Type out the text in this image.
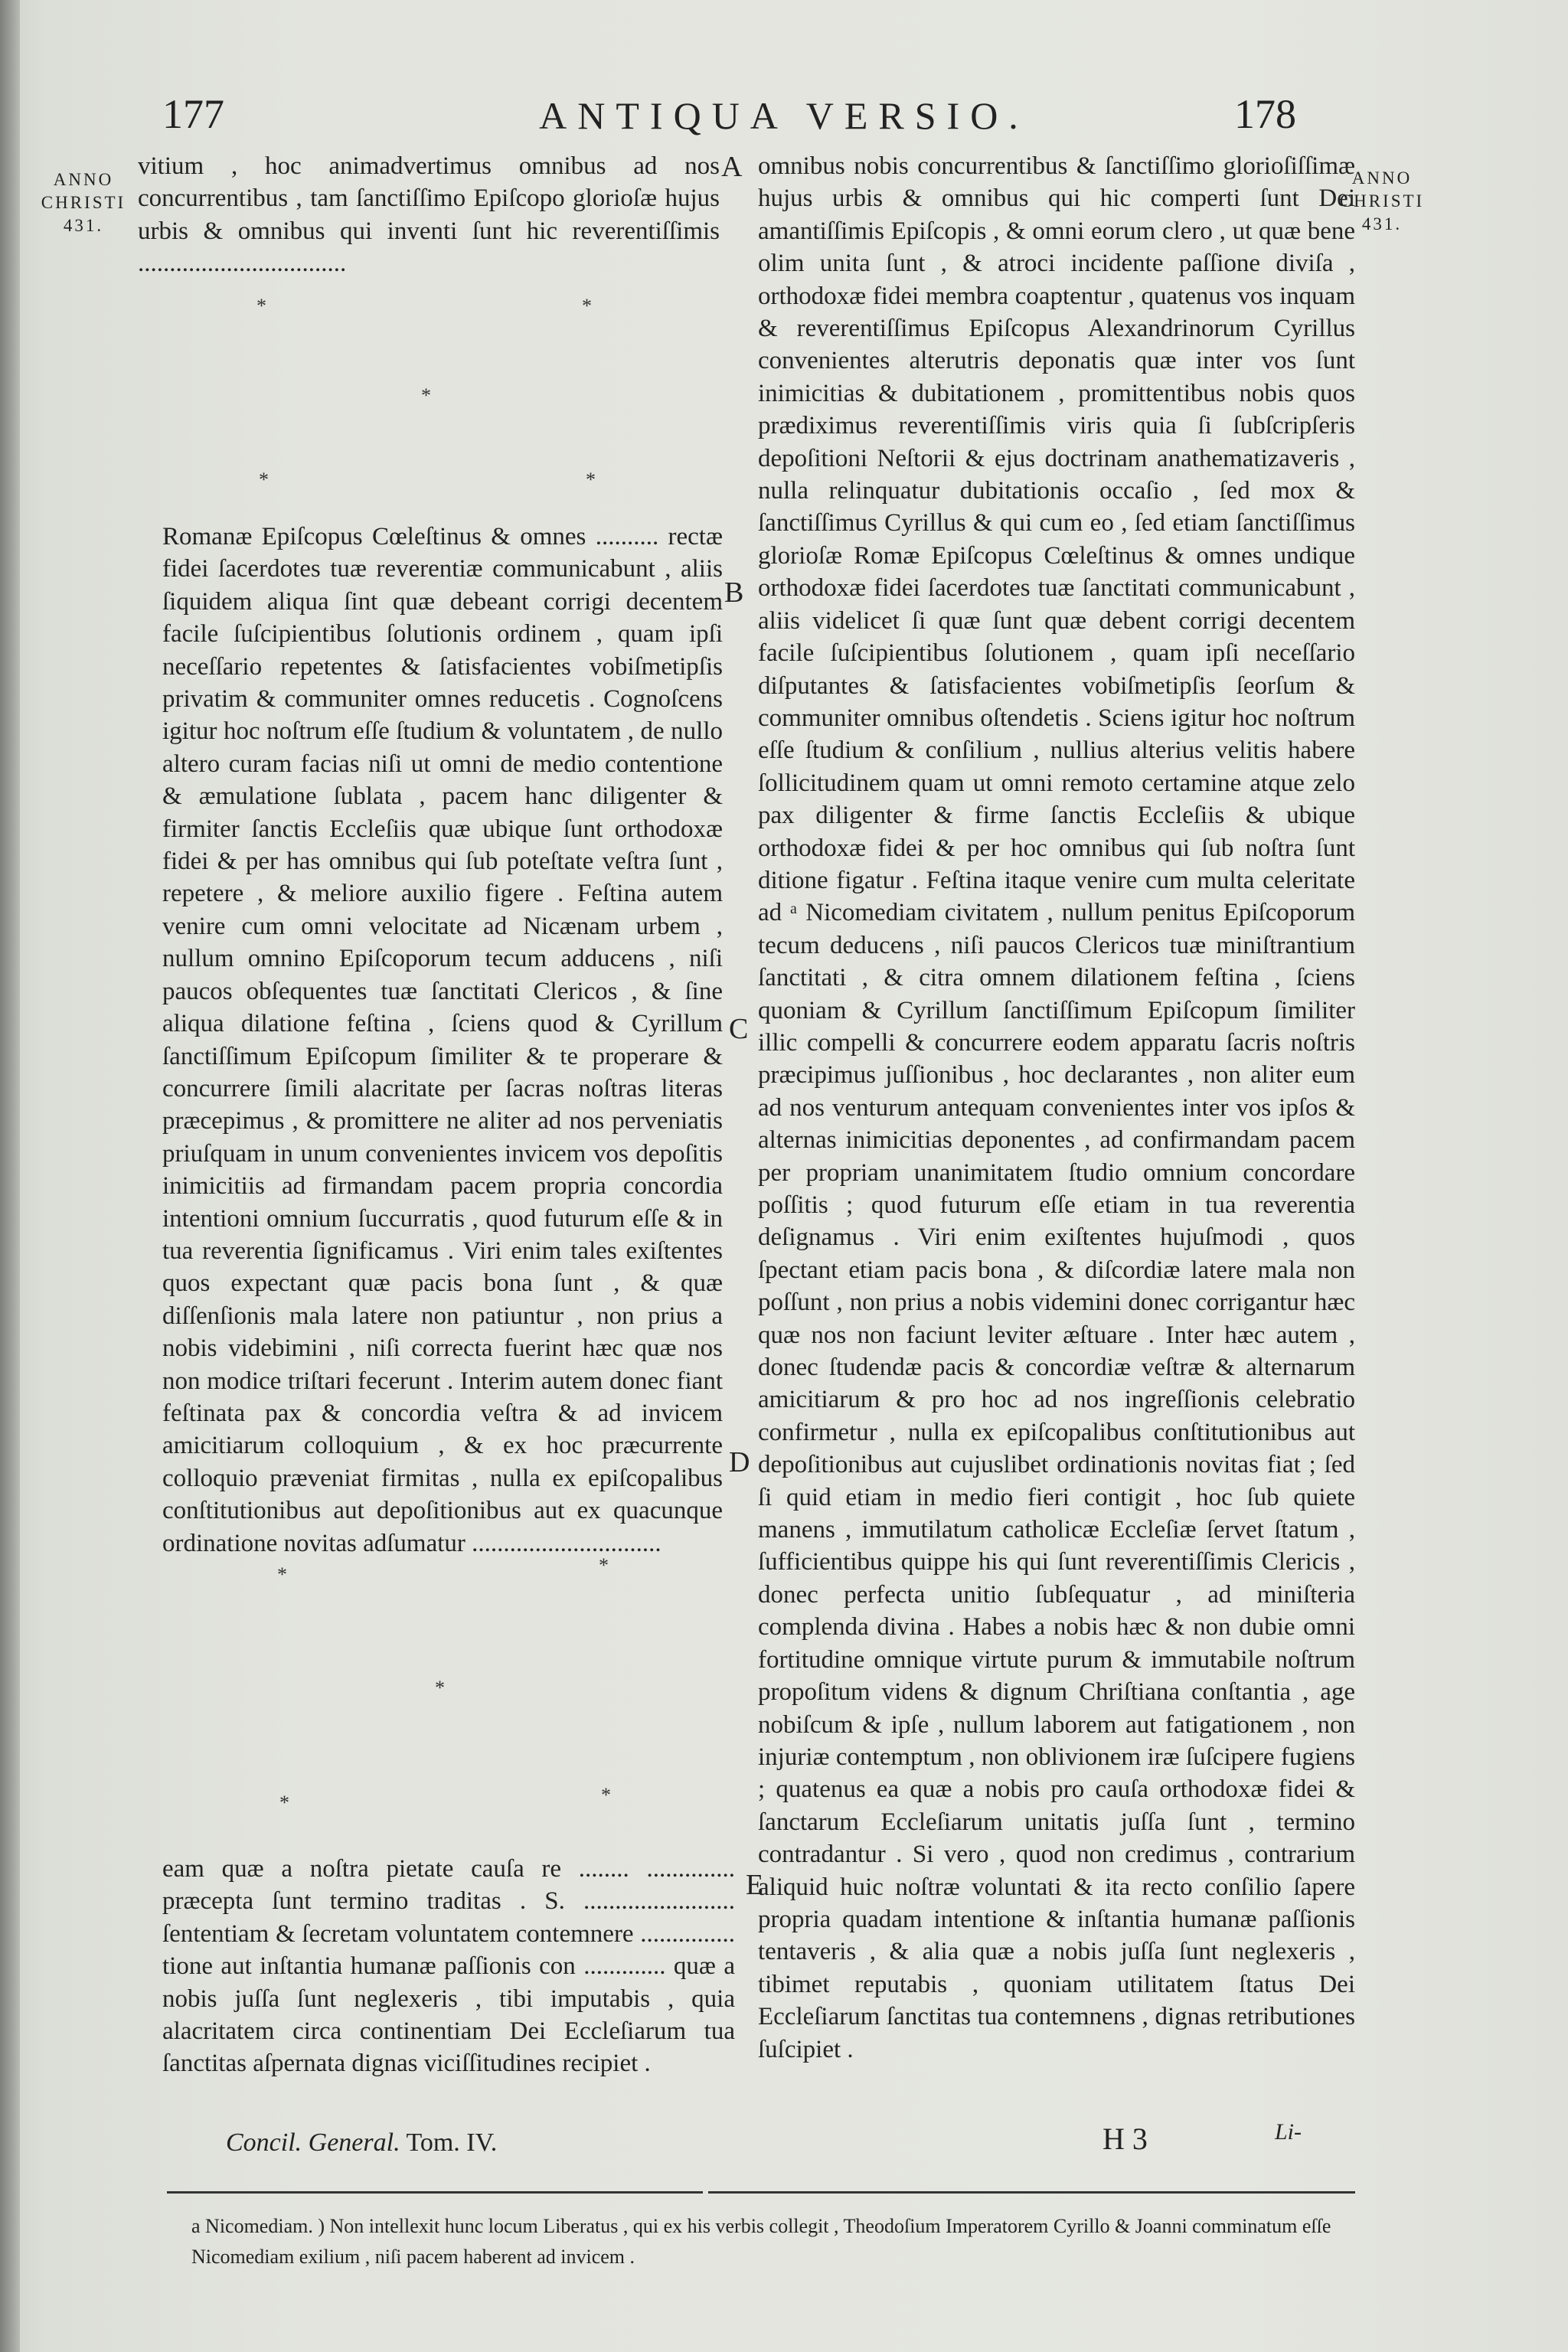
177	ANTIQUA VERSIO.	178
ANNO
CHRISTI
431.
ANNO
CHRISTI
431.

vitium , hoc animadvertimus omnibus ad nos concurrentibus , tam ſanctiſſimo Epiſcopo glorioſæ hujus urbis & omnibus qui inventi ſunt hic reverentiſſimis .................................

Romanæ Epiſcopus Cœleſtinus & omnes .......... rectæ fidei ſacerdotes tuæ reverentiæ communicabunt , aliis ſiquidem aliqua ſint quæ debeant corrigi decentem facile ſuſcipientibus ſolutionis ordinem , quam ipſi neceſſario repetentes & ſatisfacientes vobiſmetipſis privatim & communiter omnes reducetis . Cognoſcens igitur hoc noſtrum eſſe ſtudium & voluntatem , de nullo altero curam facias niſi ut omni de medio contentione & æmulatione ſublata , pacem hanc diligenter & firmiter ſanctis Eccleſiis quæ ubique ſunt orthodoxæ fidei & per has omnibus qui ſub poteſtate veſtra ſunt , repetere , & meliore auxilio figere . Feſtina autem venire cum omni velocitate ad Nicænam urbem , nullum omnino Epiſcoporum tecum adducens , niſi paucos obſequentes tuæ ſanctitati Clericos , & ſine aliqua dilatione feſtina , ſciens quod & Cyrillum ſanctiſſimum Epiſcopum ſimiliter & te properare & concurrere ſimili alacritate per ſacras noſtras literas præcepimus , & promittere ne aliter ad nos perveniatis priuſquam in unum convenientes invicem vos depoſitis inimicitiis ad firmandam pacem propria concordia intentioni omnium ſuccurratis , quod futurum eſſe & in tua reverentia ſignificamus . Viri enim tales exiſtentes quos expectant quæ pacis bona ſunt , & quæ diſſenſionis mala latere non patiuntur , non prius a nobis videbimini , niſi correcta fuerint hæc quæ nos non modice triſtari fecerunt . Interim autem donec fiant feſtinata pax & concordia veſtra & ad invicem amicitiarum colloquium , & ex hoc præcurrente colloquio præveniat firmitas , nulla ex epiſcopalibus conſtitutionibus aut depoſitionibus aut ex quacunque ordinatione novitas adſumatur ..............................

eam quæ a noſtra pietate cauſa re ........ .............. præcepta ſunt termino traditas . S. ........................ ſententiam & ſecretam voluntatem contemnere ............... tione aut inſtantia humanæ paſſionis con ............. quæ a nobis juſſa ſunt neglexeris , tibi imputabis , quia alacritatem circa continentiam Dei Eccleſiarum tua ſanctitas aſpernata dignas viciſſitudines recipiet .

omnibus nobis concurrentibus & ſanctiſſimo glorioſiſſimæ hujus urbis & omnibus qui hic comperti ſunt Dei amantiſſimis Epiſcopis , & omni eorum clero , ut quæ bene olim unita ſunt , & atroci incidente paſſione diviſa , orthodoxæ fidei membra coaptentur , quatenus vos inquam & reverentiſſimus Epiſcopus Alexandrinorum Cyrillus convenientes alterutris deponatis quæ inter vos ſunt inimicitias & dubitationem , promittentibus nobis quos prædiximus reverentiſſimis viris quia ſi ſubſcripſeris depoſitioni Neſtorii & ejus doctrinam anathematizaveris , nulla relinquatur dubitationis occaſio , ſed mox & ſanctiſſimus Cyrillus & qui cum eo , ſed etiam ſanctiſſimus glorioſæ Romæ Epiſcopus Cœleſtinus & omnes undique orthodoxæ fidei ſacerdotes tuæ ſanctitati communicabunt , aliis videlicet ſi quæ ſunt quæ debent corrigi decentem facile ſuſcipientibus ſolutionem , quam ipſi neceſſario diſputantes & ſatisfacientes vobiſmetipſis ſeorſum & communiter omnibus oſtendetis . Sciens igitur hoc noſtrum eſſe ſtudium & conſilium , nullius alterius velitis habere ſollicitudinem quam ut omni remoto certamine atque zelo pax diligenter & firme ſanctis Eccleſiis & ubique orthodoxæ fidei & per hoc omnibus qui ſub noſtra ſunt ditione figatur . Feſtina itaque venire cum multa celeritate ad ᵃ Nicomediam civitatem , nullum penitus Epiſcoporum tecum deducens , niſi paucos Clericos tuæ miniſtrantium ſanctitati , & citra omnem dilationem feſtina , ſciens quoniam & Cyrillum ſanctiſſimum Epiſcopum ſimiliter illic compelli & concurrere eodem apparatu ſacris noſtris præcipimus juſſionibus , hoc declarantes , non aliter eum ad nos venturum antequam convenientes inter vos ipſos & alternas inimicitias deponentes , ad confirmandam pacem per propriam unanimitatem ſtudio omnium concordare poſſitis ; quod futurum eſſe etiam in tua reverentia deſignamus . Viri enim exiſtentes hujuſmodi , quos ſpectant etiam pacis bona , & diſcordiæ latere mala non poſſunt , non prius a nobis videmini donec corrigantur hæc quæ nos non faciunt leviter æſtuare . Inter hæc autem , donec ſtudendæ pacis & concordiæ veſtræ & alternarum amicitiarum & pro hoc ad nos ingreſſionis celebratio confirmetur , nulla ex epiſcopalibus conſtitutionibus aut depoſitionibus aut cujuslibet ordinationis novitas fiat ; ſed ſi quid etiam in medio fieri contigit , hoc ſub quiete manens , immutilatum catholicæ Eccleſiæ ſervet ſtatum , ſufficientibus quippe his qui ſunt reverentiſſimis Clericis , donec perfecta unitio ſubſequatur , ad miniſteria complenda divina . Habes a nobis hæc & non dubie omni fortitudine omnique virtute purum & immutabile noſtrum propoſitum videns & dignum Chriſtiana conſtantia , age nobiſcum & ipſe , nullum laborem aut fatigationem , non injuriæ contemptum , non oblivionem iræ ſuſcipere fugiens ; quatenus ea quæ a nobis pro cauſa orthodoxæ fidei & ſanctarum Eccleſiarum unitatis juſſa ſunt , termino contradantur . Si vero , quod non credimus , contrarium aliquid huic noſtræ voluntati & ita recto conſilio ſapere propria quadam intentione & inſtantia humanæ paſſionis tentaveris , & alia quæ a nobis juſſa ſunt neglexeris , tibimet reputabis , quoniam utilitatem ſtatus Dei Eccleſiarum ſanctitas tua contemnens , dignas retributiones ſuſcipiet .

A
B
C
D
E
*	*
*
*	*
*	*
*
*	*
Concil. General. Tom. IV.	H 3	Li-
a Nicomediam. ) Non intellexit hunc locum Liberatus , qui ex his verbis collegit , Theodoſium Imperatorem Cyrillo & Joanni comminatum eſſe Nicomediam exilium , niſi pacem haberent ad invicem .
